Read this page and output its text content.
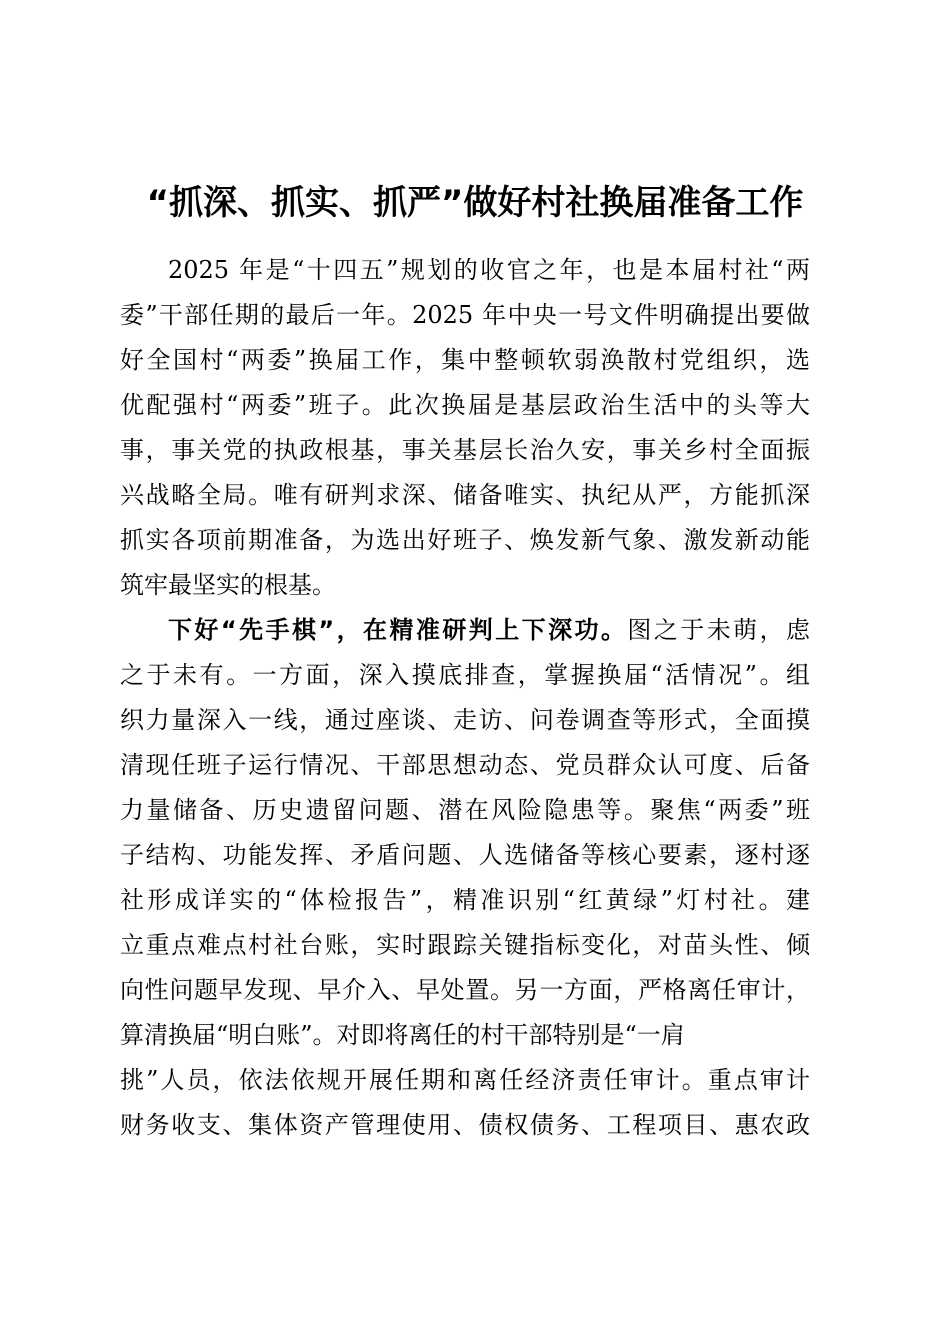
“抓深、抓实、抓严”做好村社换届准备工作
2025 年是“十四五”规划的收官之年，也是本届村社“两
委”干部任期的最后一年。2025 年中央一号文件明确提出要做
好全国村“两委”换届工作，集中整顿软弱涣散村党组织，选
优配强村“两委”班子。此次换届是基层政治生活中的头等大
事，事关党的执政根基，事关基层长治久安，事关乡村全面振
兴战略全局。唯有研判求深、储备唯实、执纪从严，方能抓深
抓实各项前期准备，为选出好班子、焕发新气象、激发新动能
筑牢最坚实的根基。
下好“先手棋”，在精准研判上下深功。图之于未萌，虑
之于未有。一方面，深入摸底排查，掌握换届“活情况”。组
织力量深入一线，通过座谈、走访、问卷调查等形式，全面摸
清现任班子运行情况、干部思想动态、党员群众认可度、后备
力量储备、历史遗留问题、潜在风险隐患等。聚焦“两委”班
子结构、功能发挥、矛盾问题、人选储备等核心要素，逐村逐
社形成详实的“体检报告”，精准识别“红黄绿”灯村社。建
立重点难点村社台账，实时跟踪关键指标变化，对苗头性、倾
向性问题早发现、早介入、早处置。另一方面，严格离任审计，
算清换届“明白账”。对即将离任的村干部特别是“一肩
挑”人员，依法依规开展任期和离任经济责任审计。重点审计
财务收支、集体资产管理使用、债权债务、工程项目、惠农政
